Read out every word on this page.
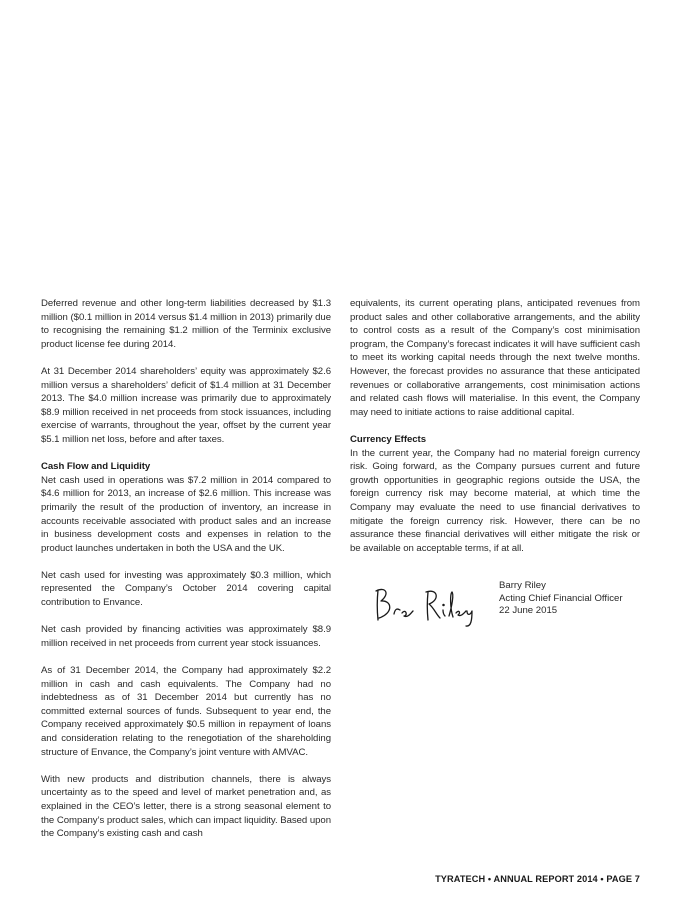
Deferred revenue and other long-term liabilities decreased by $1.3 million ($0.1 million in 2014 versus $1.4 million in 2013) primarily due to recognising the remaining $1.2 million of the Terminix exclusive product license fee during 2014.

At 31 December 2014 shareholders’ equity was approximately $2.6 million versus a shareholders’ deficit of $1.4 million at 31 December 2013. The $4.0 million increase was primarily due to approximately $8.9 million received in net proceeds from stock issuances, including exercise of warrants, throughout the year, offset by the current year $5.1 million net loss, before and after taxes.

Cash Flow and Liquidity

Net cash used in operations was $7.2 million in 2014 compared to $4.6 million for 2013, an increase of $2.6 million. This increase was primarily the result of the production of inventory, an increase in accounts receivable associated with product sales and an increase in business development costs and expenses in relation to the product launches undertaken in both the USA and the UK.

Net cash used for investing was approximately $0.3 million, which represented the Company’s October 2014 covering capital contribution to Envance.

Net cash provided by financing activities was approximately $8.9 million received in net proceeds from current year stock issuances.

As of 31 December 2014, the Company had approximately $2.2 million in cash and cash equivalents. The Company had no indebtedness as of 31 December 2014 but currently has no committed external sources of funds. Subsequent to year end, the Company received approximately $0.5 million in repayment of loans and consideration relating to the renegotiation of the shareholding structure of Envance, the Company’s joint venture with AMVAC.

With new products and distribution channels, there is always uncertainty as to the speed and level of market penetration and, as explained in the CEO’s letter, there is a strong seasonal element to the Company’s product sales, which can impact liquidity. Based upon the Company’s existing cash and cash

equivalents, its current operating plans, anticipated revenues from product sales and other collaborative arrangements, and the ability to control costs as a result of the Company’s cost minimisation program, the Company’s forecast indicates it will have sufficient cash to meet its working capital needs through the next twelve months. However, the forecast provides no assurance that these anticipated revenues or collaborative arrangements, cost minimisation actions and related cash flows will materialise. In this event, the Company may need to initiate actions to raise additional capital.

Currency Effects

In the current year, the Company had no material foreign currency risk. Going forward, as the Company pursues current and future growth opportunities in geographic regions outside the USA, the foreign currency risk may become material, at which time the Company may evaluate the need to use financial derivatives to mitigate the foreign currency risk. However, there can be no assurance these financial derivatives will either mitigate the risk or be available on acceptable terms, if at all.

Barry Riley
Acting Chief Financial Officer
22 June 2015
TYRATECH • ANNUAL REPORT 2014 • PAGE 7
